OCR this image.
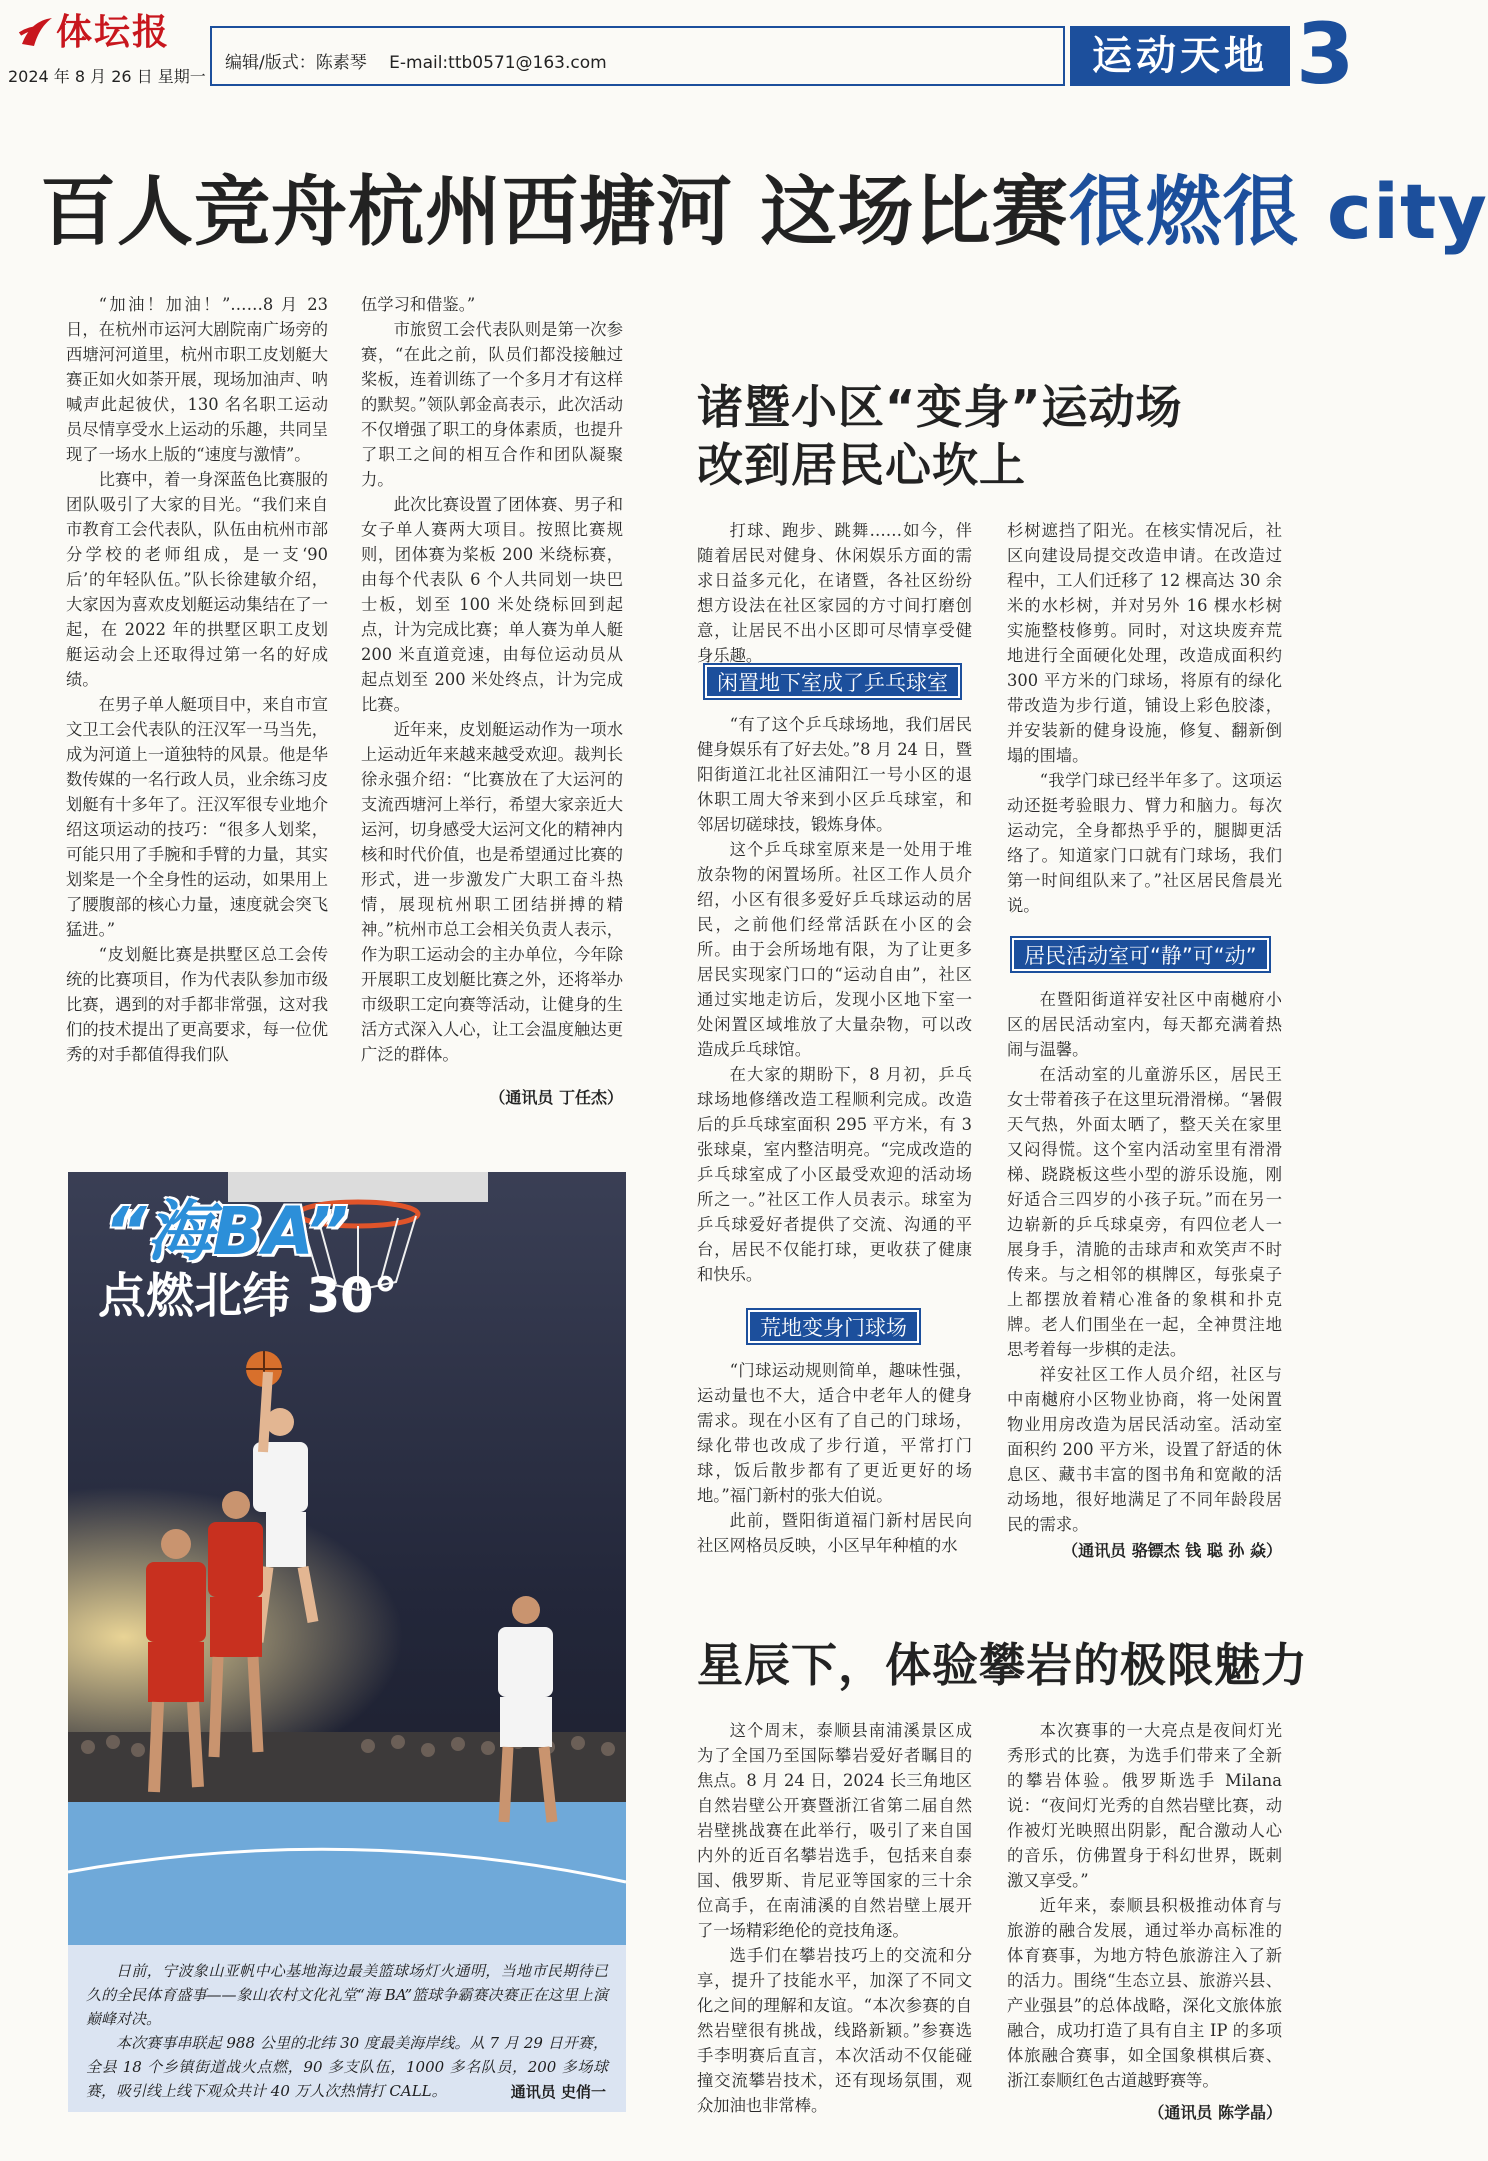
体坛报
2024 年 8 月 26 日 星期一
编辑/版式：陈素琴　 E-mail:ttb0571@163.com	运动天地 3
百人竞舟杭州西塘河 这场比赛很燃很 city

“加油！加油！”……8 月 23 日，在杭州市运河大剧院南广场旁的西塘河河道里，杭州市职工皮划艇大赛正如火如荼开展，现场加油声、呐喊声此起彼伏，130 名名职工运动员尽情享受水上运动的乐趣，共同呈现了一场水上版的“速度与激情”。

比赛中，着一身深蓝色比赛服的团队吸引了大家的目光。“我们来自市教育工会代表队，队伍由杭州市部分学校的老师组成，是一支‘90 后’的年轻队伍。”队长徐建敏介绍，大家因为喜欢皮划艇运动集结在了一起，在 2022 年的拱墅区职工皮划艇运动会上还取得过第一名的好成绩。

在男子单人艇项目中，来自市宣文卫工会代表队的汪汉军一马当先，成为河道上一道独特的风景。他是华数传媒的一名行政人员，业余练习皮划艇有十多年了。汪汉军很专业地介绍这项运动的技巧：“很多人划桨，可能只用了手腕和手臂的力量，其实划桨是一个全身性的运动，如果用上了腰腹部的核心力量，速度就会突飞猛进。”

“皮划艇比赛是拱墅区总工会传统的比赛项目，作为代表队参加市级比赛，遇到的对手都非常强，这对我们的技术提出了更高要求，每一位优秀的对手都值得我们队

伍学习和借鉴。”

市旅贸工会代表队则是第一次参赛，“在此之前，队员们都没接触过桨板，连着训练了一个多月才有这样的默契。”领队郭金高表示，此次活动不仅增强了职工的身体素质，也提升了职工之间的相互合作和团队凝聚力。

此次比赛设置了团体赛、男子和女子单人赛两大项目。按照比赛规则，团体赛为桨板 200 米绕标赛，由每个代表队 6 个人共同划一块巴士板，划至 100 米处绕标回到起点，计为完成比赛；单人赛为单人艇 200 米直道竞速，由每位运动员从起点划至 200 米处终点，计为完成比赛。

近年来，皮划艇运动作为一项水上运动近年来越来越受欢迎。裁判长徐永强介绍：“比赛放在了大运河的支流西塘河上举行，希望大家亲近大运河，切身感受大运河文化的精神内核和时代价值，也是希望通过比赛的形式，进一步激发广大职工奋斗热情，展现杭州职工团结拼搏的精神。”杭州市总工会相关负责人表示，作为职工运动会的主办单位，今年除开展职工皮划艇比赛之外，还将举办市级职工定向赛等活动，让健身的生活方式深入人心，让工会温度触达更广泛的群体。

（通讯员 丁任杰）
“海BA”
点燃北纬 30°

日前，宁波象山亚帆中心基地海边最美篮球场灯火通明，当地市民期待已久的全民体育盛事——象山农村文化礼堂“海 BA”篮球争霸赛决赛正在这里上演巅峰对决。

本次赛事串联起 988 公里的北纬 30 度最美海岸线。从 7 月 29 日开赛，全县 18 个乡镇街道战火点燃，90 多支队伍，1000 多名队员，200 多场球赛，吸引线上线下观众共计 40 万人次热情打 CALL。	通讯员 史俏一
诸暨小区“变身”运动场
改到居民心坎上

打球、跑步、跳舞……如今，伴随着居民对健身、休闲娱乐方面的需求日益多元化，在诸暨，各社区纷纷想方设法在社区家园的方寸间打磨创意，让居民不出小区即可尽情享受健身乐趣。

闲置地下室成了乒乓球室

“有了这个乒乓球场地，我们居民健身娱乐有了好去处。”8 月 24 日，暨阳街道江北社区浦阳江一号小区的退休职工周大爷来到小区乒乓球室，和邻居切磋球技，锻炼身体。

这个乒乓球室原来是一处用于堆放杂物的闲置场所。社区工作人员介绍，小区有很多爱好乒乓球运动的居民，之前他们经常活跃在小区的会所。由于会所场地有限，为了让更多居民实现家门口的“运动自由”，社区通过实地走访后，发现小区地下室一处闲置区域堆放了大量杂物，可以改造成乒乓球馆。

在大家的期盼下，8 月初，乒乓球场地修缮改造工程顺利完成。改造后的乒乓球室面积 295 平方米，有 3 张球桌，室内整洁明亮。“完成改造的乒乓球室成了小区最受欢迎的活动场所之一。”社区工作人员表示。球室为乒乓球爱好者提供了交流、沟通的平台，居民不仅能打球，更收获了健康和快乐。

荒地变身门球场

“门球运动规则简单，趣味性强，运动量也不大，适合中老年人的健身需求。现在小区有了自己的门球场，绿化带也改成了步行道，平常打门球，饭后散步都有了更近更好的场地。”福门新村的张大伯说。

此前，暨阳街道福门新村居民向社区网格员反映，小区早年种植的水

杉树遮挡了阳光。在核实情况后，社区向建设局提交改造申请。在改造过程中，工人们迁移了 12 棵高达 30 余米的水杉树，并对另外 16 棵水杉树实施整枝修剪。同时，对这块废弃荒地进行全面硬化处理，改造成面积约 300 平方米的门球场，将原有的绿化带改造为步行道，铺设上彩色胶漆，并安装新的健身设施，修复、翻新倒塌的围墙。

“我学门球已经半年多了。这项运动还挺考验眼力、臂力和脑力。每次运动完，全身都热乎乎的，腿脚更活络了。知道家门口就有门球场，我们第一时间组队来了。”社区居民詹晨光说。

居民活动室可“静”可“动”

在暨阳街道祥安社区中南樾府小区的居民活动室内，每天都充满着热闹与温馨。

在活动室的儿童游乐区，居民王女士带着孩子在这里玩滑滑梯。“暑假天气热，外面太晒了，整天关在家里又闷得慌。这个室内活动室里有滑滑梯、跷跷板这些小型的游乐设施，刚好适合三四岁的小孩子玩。”而在另一边崭新的乒乓球桌旁，有四位老人一展身手，清脆的击球声和欢笑声不时传来。与之相邻的棋牌区，每张桌子上都摆放着精心准备的象棋和扑克牌。老人们围坐在一起，全神贯注地思考着每一步棋的走法。

祥安社区工作人员介绍，社区与中南樾府小区物业协商，将一处闲置物业用房改造为居民活动室。活动室面积约 200 平方米，设置了舒适的休息区、藏书丰富的图书角和宽敞的活动场地，很好地满足了不同年龄段居民的需求。

（通讯员 骆镖杰 钱 聪 孙 焱）
星辰下，体验攀岩的极限魅力

这个周末，泰顺县南浦溪景区成为了全国乃至国际攀岩爱好者瞩目的焦点。8 月 24 日，2024 长三角地区自然岩壁公开赛暨浙江省第二届自然岩壁挑战赛在此举行，吸引了来自国内外的近百名攀岩选手，包括来自泰国、俄罗斯、肯尼亚等国家的三十余位高手，在南浦溪的自然岩壁上展开了一场精彩绝伦的竞技角逐。

选手们在攀岩技巧上的交流和分享，提升了技能水平，加深了不同文化之间的理解和友谊。“本次参赛的自然岩壁很有挑战，线路新颖。”参赛选手李明赛后直言，本次活动不仅能碰撞交流攀岩技术，还有现场氛围，观众加油也非常棒。

本次赛事的一大亮点是夜间灯光秀形式的比赛，为选手们带来了全新的攀岩体验。俄罗斯选手 Milana 说：“夜间灯光秀的自然岩壁比赛，动作被灯光映照出阴影，配合激动人心的音乐，仿佛置身于科幻世界，既刺激又享受。”

近年来，泰顺县积极推动体育与旅游的融合发展，通过举办高标准的体育赛事，为地方特色旅游注入了新的活力。围绕“生态立县、旅游兴县、产业强县”的总体战略，深化文旅体旅融合，成功打造了具有自主 IP 的多项体旅融合赛事，如全国象棋棋后赛、浙江泰顺红色古道越野赛等。

（通讯员 陈学晶）
